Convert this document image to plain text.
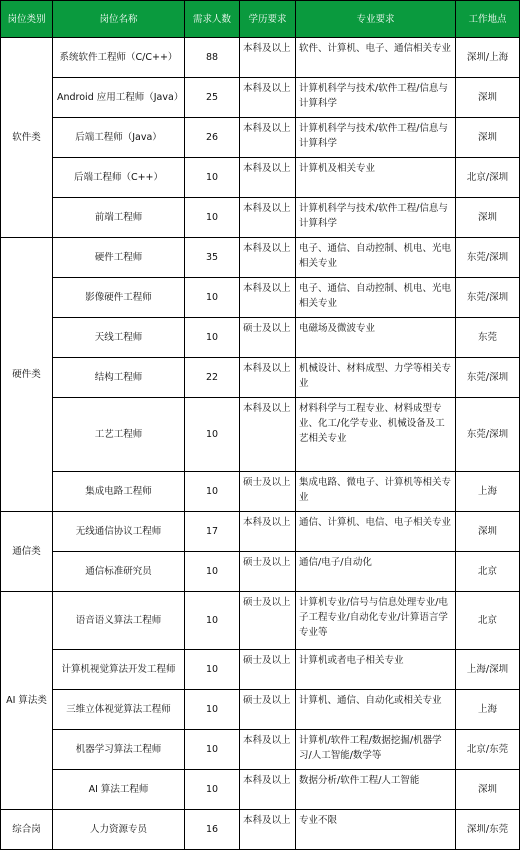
岗位类别	岗位名称	需求人数	学历要求	专业要求	工作地点
软件类	系统软件工程师（C/C++）	88	本科及以上	软件、计算机、电子、通信相关专业	深圳/上海
	Android 应用工程师（Java）	25	本科及以上	计算机科学与技术/软件工程/信息与计算科学	深圳
	后端工程师（Java）	26	本科及以上	计算机科学与技术/软件工程/信息与计算科学	深圳
	后端工程师（C++）	10	本科及以上	计算机及相关专业	北京/深圳
	前端工程师	10	本科及以上	计算机科学与技术/软件工程/信息与计算科学	深圳
硬件类	硬件工程师	35	本科及以上	电子、通信、自动控制、机电、光电相关专业	东莞/深圳
	影像硬件工程师	10	本科及以上	电子、通信、自动控制、机电、光电相关专业	东莞/深圳
	天线工程师	10	硕士及以上	电磁场及微波专业	东莞
	结构工程师	22	本科及以上	机械设计、材料成型、力学等相关专业	东莞/深圳
	工艺工程师	10	本科及以上	材料科学与工程专业、材料成型专业、化工/化学专业、机械设备及工艺相关专业	东莞/深圳
	集成电路工程师	10	硕士及以上	集成电路、微电子、计算机等相关专业	上海
通信类	无线通信协议工程师	17	本科及以上	通信、计算机、电信、电子相关专业	深圳
	通信标准研究员	10	硕士及以上	通信/电子/自动化	北京
AI 算法类	语音语义算法工程师	10	硕士及以上	计算机专业/信号与信息处理专业/电子工程专业/自动化专业/计算语言学专业等	北京
	计算机视觉算法开发工程师	10	硕士及以上	计算机或者电子相关专业	上海/深圳
	三维立体视觉算法工程师	10	硕士及以上	计算机、通信、自动化或相关专业	上海
	机器学习算法工程师	10	本科及以上	计算机/软件工程/数据挖掘/机器学习/人工智能/数学等	北京/东莞
	AI 算法工程师	10	本科及以上	数据分析/软件工程/人工智能	深圳
综合岗	人力资源专员	16	本科及以上	专业不限	深圳/东莞
